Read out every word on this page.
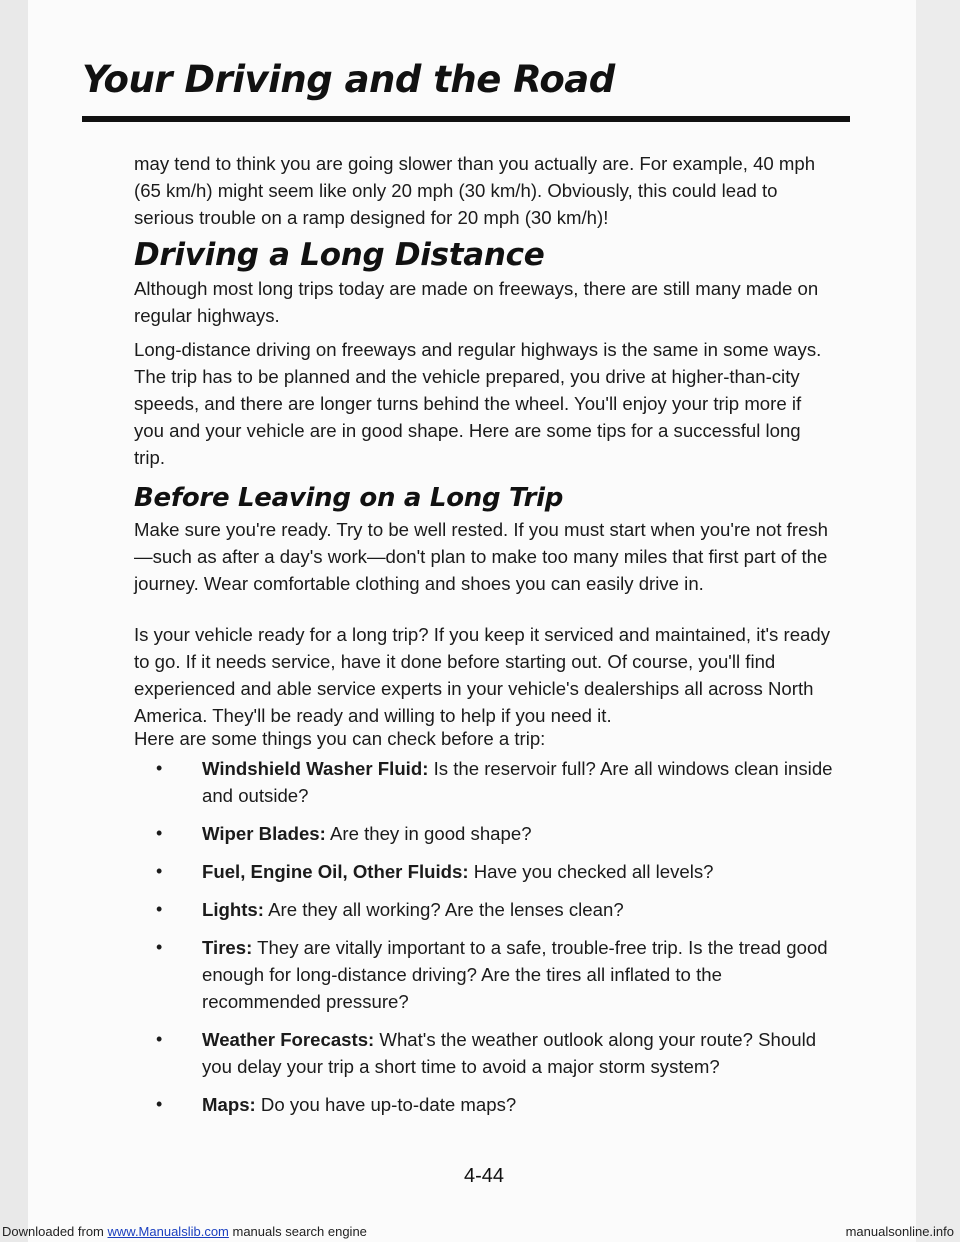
Your Driving and the Road
may tend to think you are going slower than you actually are. For example, 40 mph (65 km/h) might seem like only 20 mph (30 km/h). Obviously, this could lead to serious trouble on a ramp designed for 20 mph (30 km/h)!
Driving a Long Distance
Although most long trips today are made on freeways, there are still many made on regular highways.
Long-distance driving on freeways and regular highways is the same in some ways. The trip has to be planned and the vehicle prepared, you drive at higher-than-city speeds, and there are longer turns behind the wheel. You'll enjoy your trip more if you and your vehicle are in good shape. Here are some tips for a successful long trip.
Before Leaving on a Long Trip
Make sure you're ready. Try to be well rested. If you must start when you're not fresh—such as after a day's work—don't plan to make too many miles that first part of the journey. Wear comfortable clothing and shoes you can easily drive in.
Is your vehicle ready for a long trip? If you keep it serviced and maintained, it's ready to go. If it needs service, have it done before starting out. Of course, you'll find experienced and able service experts in your vehicle's dealerships all across North America. They'll be ready and willing to help if you need it.
Here are some things you can check before a trip:
• Windshield Washer Fluid: Is the reservoir full? Are all windows clean inside and outside?
• Wiper Blades: Are they in good shape?
• Fuel, Engine Oil, Other Fluids: Have you checked all levels?
• Lights: Are they all working? Are the lenses clean?
• Tires: They are vitally important to a safe, trouble-free trip. Is the tread good enough for long-distance driving? Are the tires all inflated to the recommended pressure?
• Weather Forecasts: What's the weather outlook along your route? Should you delay your trip a short time to avoid a major storm system?
• Maps: Do you have up-to-date maps?
4-44
Downloaded from www.Manualslib.com manuals search engine	manualsonline.info
